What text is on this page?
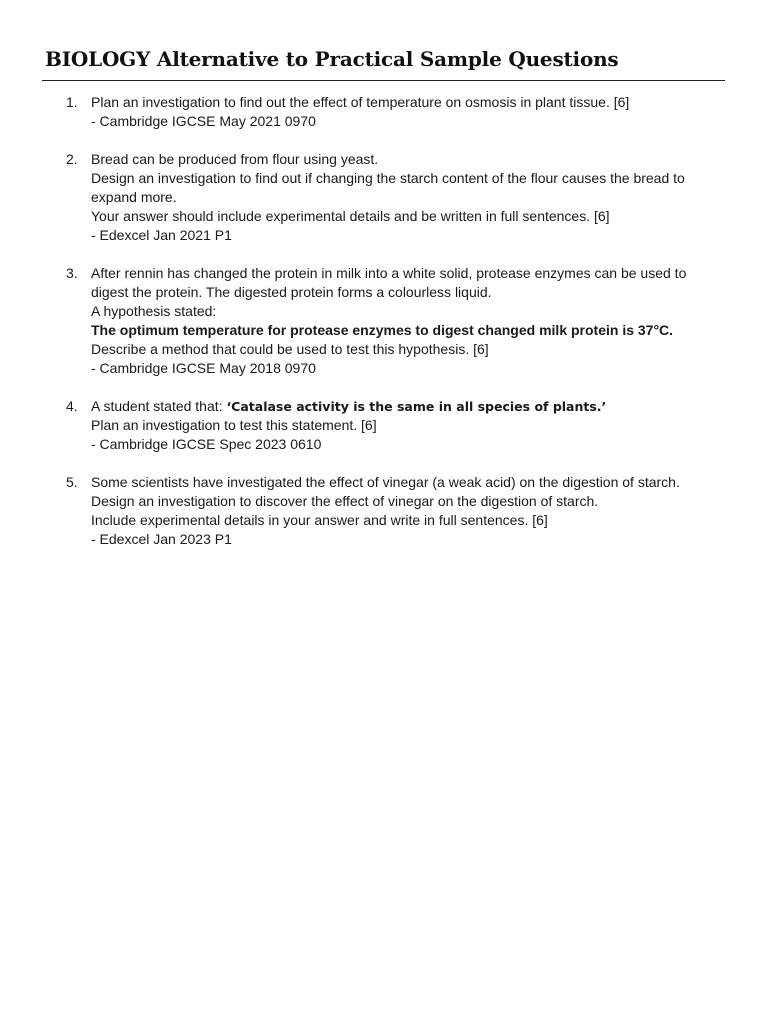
BIOLOGY Alternative to Practical Sample Questions
1. Plan an investigation to find out the effect of temperature on osmosis in plant tissue. [6]
- Cambridge IGCSE May 2021 0970
2. Bread can be produced from flour using yeast.
Design an investigation to find out if changing the starch content of the flour causes the bread to expand more.
Your answer should include experimental details and be written in full sentences. [6]
- Edexcel Jan 2021 P1
3. After rennin has changed the protein in milk into a white solid, protease enzymes can be used to digest the protein. The digested protein forms a colourless liquid.
A hypothesis stated:
The optimum temperature for protease enzymes to digest changed milk protein is 37°C.
Describe a method that could be used to test this hypothesis. [6]
- Cambridge IGCSE May 2018 0970
4. A student stated that: ‘Catalase activity is the same in all species of plants.’
Plan an investigation to test this statement. [6]
- Cambridge IGCSE Spec 2023 0610
5. Some scientists have investigated the effect of vinegar (a weak acid) on the digestion of starch.
Design an investigation to discover the effect of vinegar on the digestion of starch.
Include experimental details in your answer and write in full sentences. [6]
- Edexcel Jan 2023 P1
